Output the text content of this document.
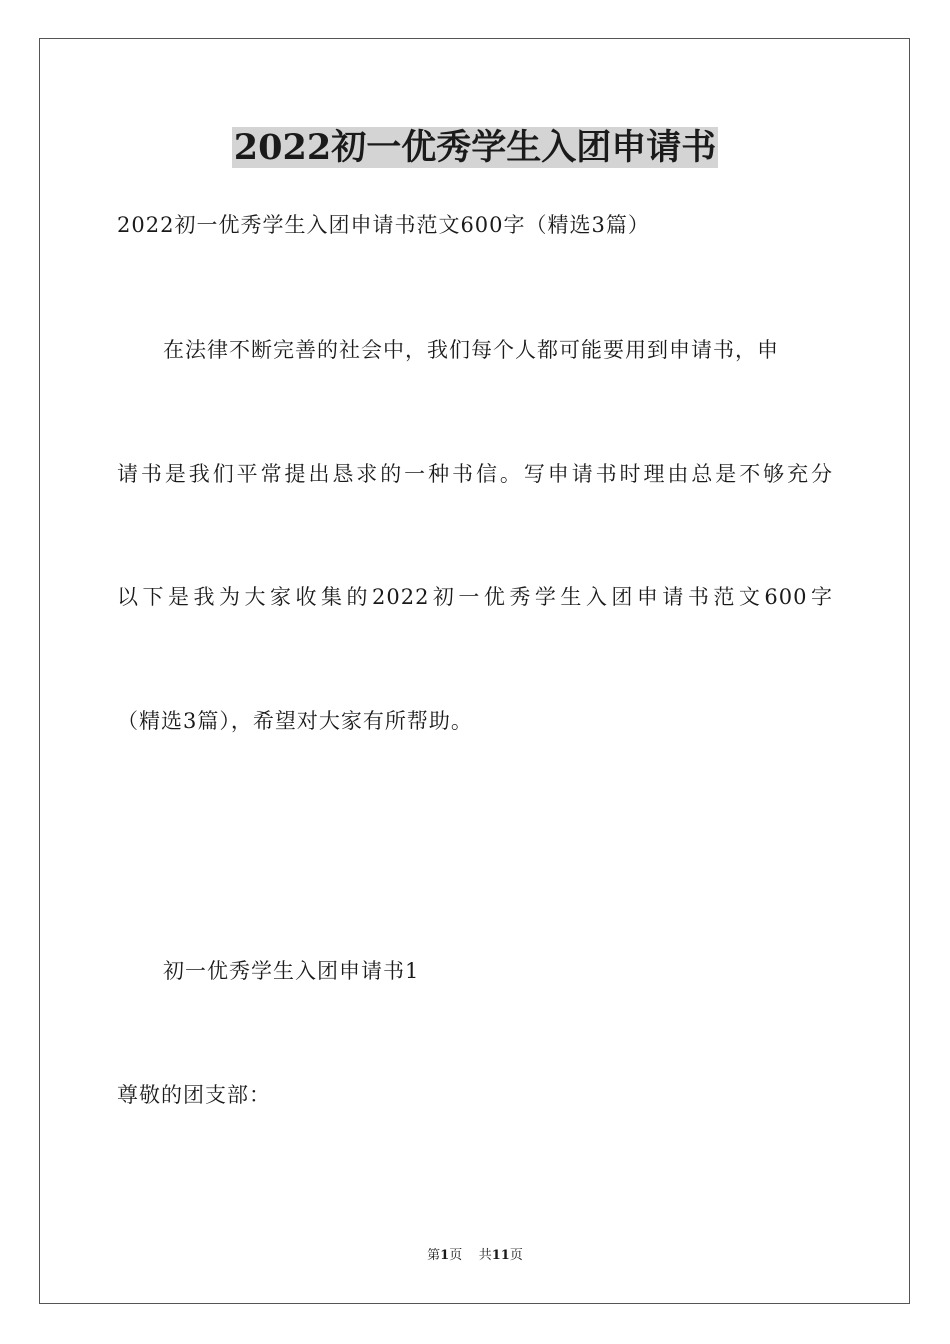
2022初一优秀学生入团申请书
2022初一优秀学生入团申请书范文600字（精选3篇）
在法律不断完善的社会中，我们每个人都可能要用到申请书，申
请书是我们平常提出恳求的一种书信。写申请书时理由总是不够充分
以下是我为大家收集的2022初一优秀学生入团申请书范文600字
（精选3篇），希望对大家有所帮助。
初一优秀学生入团申请书1
尊敬的团支部：
第1页 共11页
